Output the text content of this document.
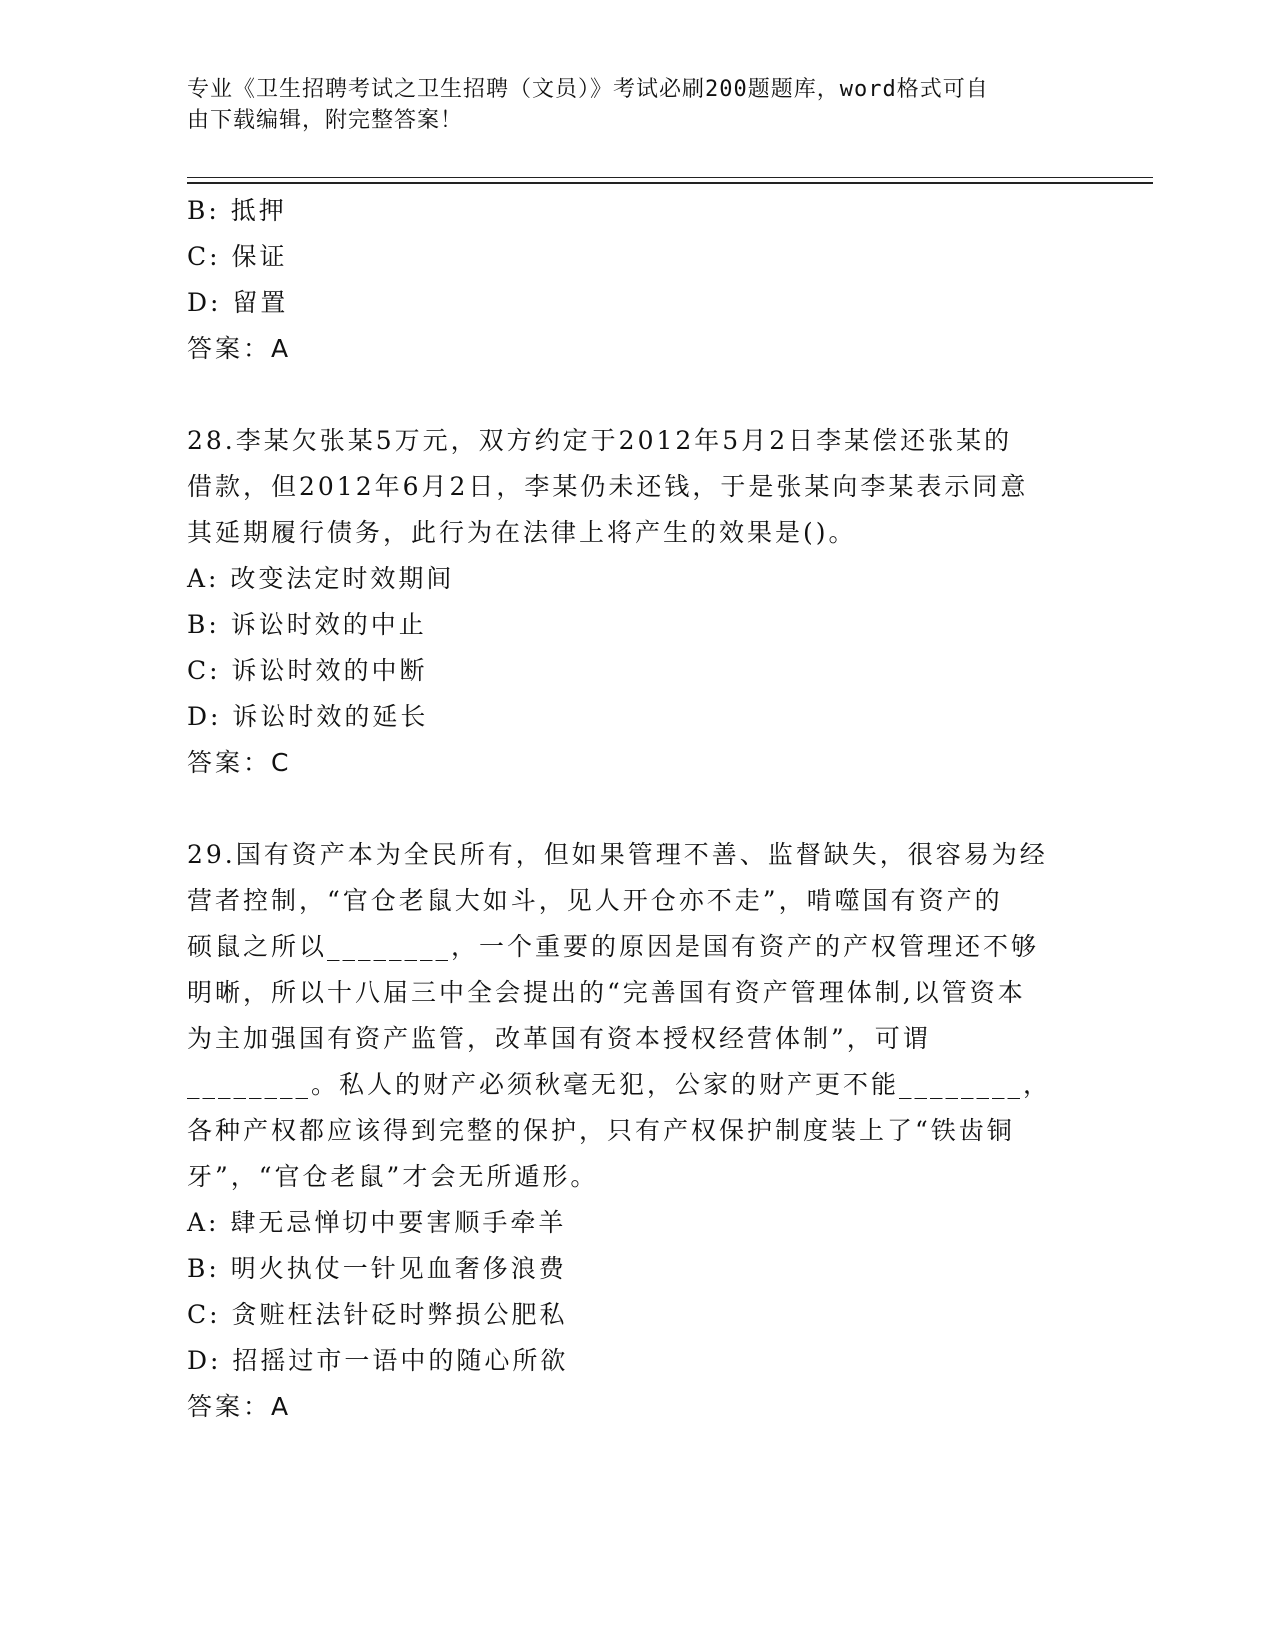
专业《卫生招聘考试之卫生招聘（文员）》考试必刷200题题库，word格式可自
由下载编辑，附完整答案！
B: 抵押
C: 保证
D: 留置
答案：A
28.李某欠张某5万元，双方约定于2012年5月2日李某偿还张某的
借款，但2012年6月2日，李某仍未还钱，于是张某向李某表示同意
其延期履行债务，此行为在法律上将产生的效果是()。
A: 改变法定时效期间
B: 诉讼时效的中止
C: 诉讼时效的中断
D: 诉讼时效的延长
答案：C
29.国有资产本为全民所有，但如果管理不善、监督缺失，很容易为经
营者控制，“官仓老鼠大如斗，见人开仓亦不走”，啃噬国有资产的
硕鼠之所以________，一个重要的原因是国有资产的产权管理还不够
明晰，所以十八届三中全会提出的“完善国有资产管理体制,以管资本
为主加强国有资产监管，改革国有资本授权经营体制”，可谓
________。私人的财产必须秋毫无犯，公家的财产更不能________，
各种产权都应该得到完整的保护，只有产权保护制度装上了“铁齿铜
牙”，“官仓老鼠”才会无所遁形。
A: 肆无忌惮切中要害顺手牵羊
B: 明火执仗一针见血奢侈浪费
C: 贪赃枉法针砭时弊损公肥私
D: 招摇过市一语中的随心所欲
答案：A
